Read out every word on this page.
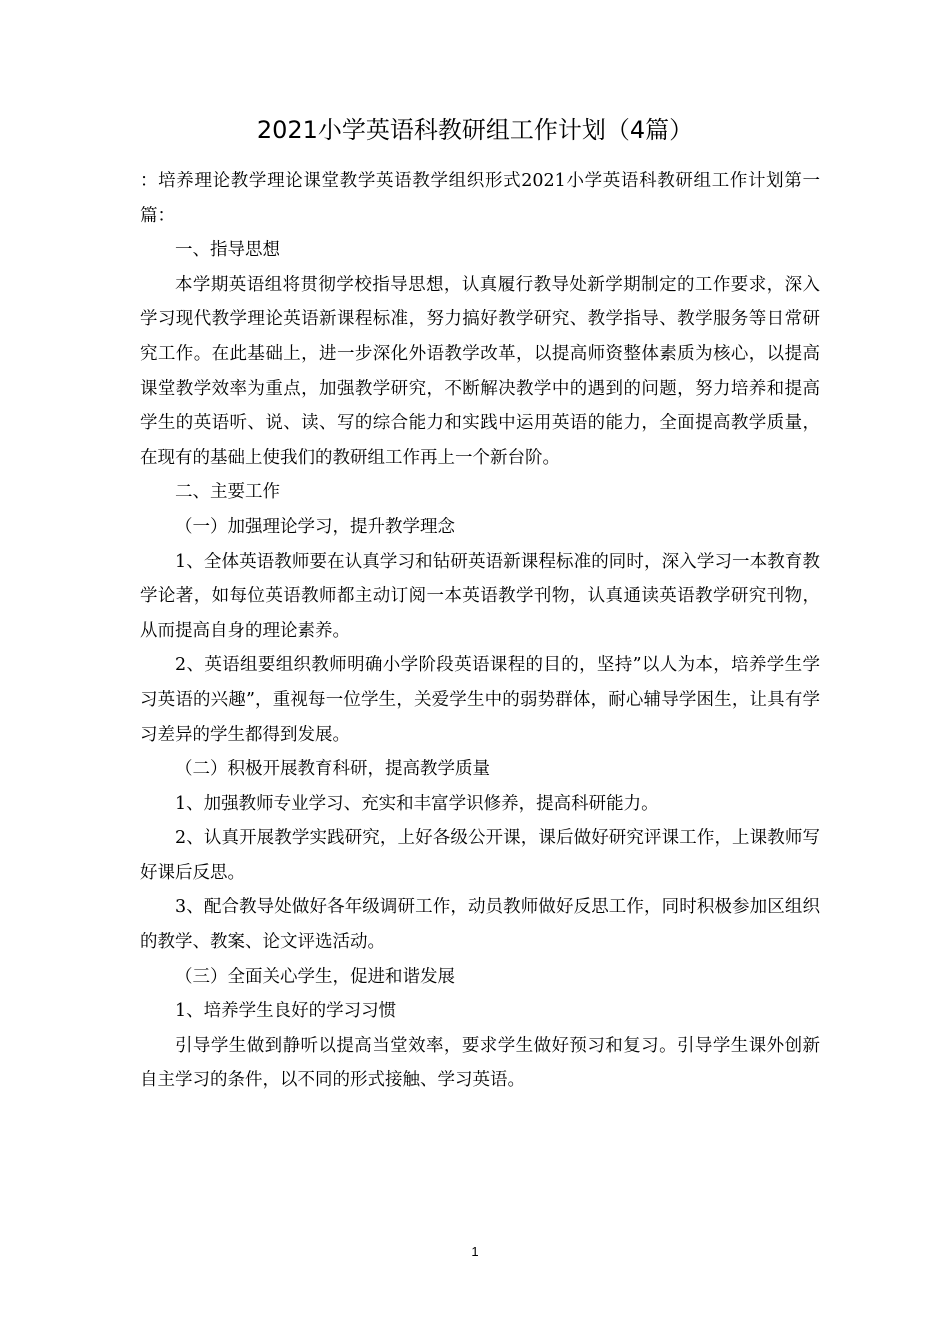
2021小学英语科教研组工作计划（4篇）

：培养理论教学理论课堂教学英语教学组织形式2021小学英语科教研组工作计划第一篇：

一、指导思想

本学期英语组将贯彻学校指导思想，认真履行教导处新学期制定的工作要求，深入学习现代教学理论英语新课程标准，努力搞好教学研究、教学指导、教学服务等日常研究工作。在此基础上，进一步深化外语教学改革，以提高师资整体素质为核心，以提高课堂教学效率为重点，加强教学研究，不断解决教学中的遇到的问题，努力培养和提高学生的英语听、说、读、写的综合能力和实践中运用英语的能力，全面提高教学质量，在现有的基础上使我们的教研组工作再上一个新台阶。

二、主要工作

（一）加强理论学习，提升教学理念

1、全体英语教师要在认真学习和钻研英语新课程标准的同时，深入学习一本教育教学论著，如每位英语教师都主动订阅一本英语教学刊物，认真通读英语教学研究刊物，从而提高自身的理论素养。

2、英语组要组织教师明确小学阶段英语课程的目的，坚持”以人为本，培养学生学习英语的兴趣”，重视每一位学生，关爱学生中的弱势群体，耐心辅导学困生，让具有学习差异的学生都得到发展。

（二）积极开展教育科研，提高教学质量

1、加强教师专业学习、充实和丰富学识修养，提高科研能力。

2、认真开展教学实践研究，上好各级公开课，课后做好研究评课工作，上课教师写好课后反思。

3、配合教导处做好各年级调研工作，动员教师做好反思工作，同时积极参加区组织的教学、教案、论文评选活动。

（三）全面关心学生，促进和谐发展

1、培养学生良好的学习习惯

引导学生做到静听以提高当堂效率，要求学生做好预习和复习。引导学生课外创新自主学习的条件，以不同的形式接触、学习英语。

1
